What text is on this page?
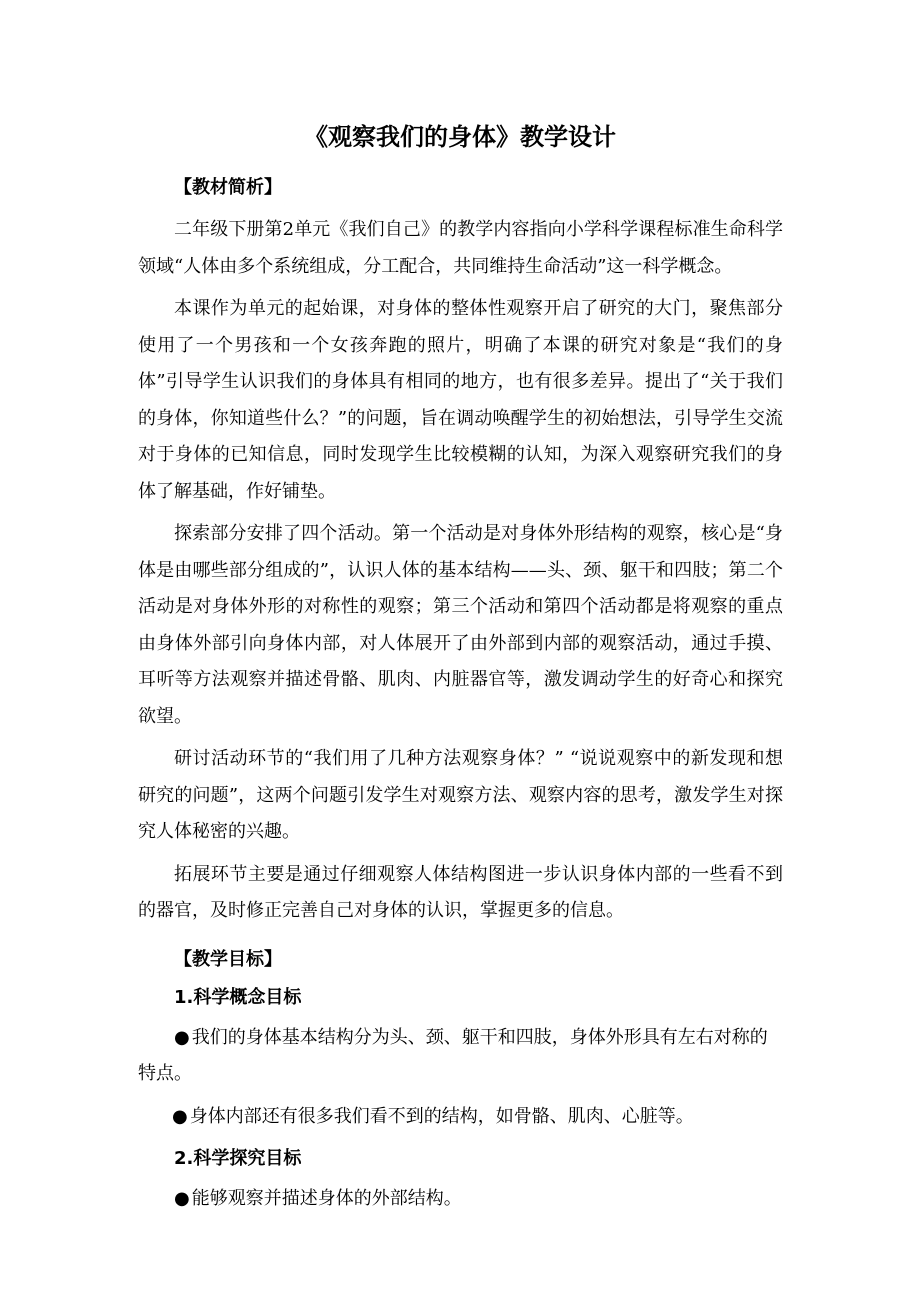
《观察我们的身体》教学设计
【教材简析】

二年级下册第2单元《我们自己》的教学内容指向小学科学课程标准生命科学领域“人体由多个系统组成，分工配合，共同维持生命活动”这一科学概念。

本课作为单元的起始课，对身体的整体性观察开启了研究的大门，聚焦部分使用了一个男孩和一个女孩奔跑的照片，明确了本课的研究对象是“我们的身体”引导学生认识我们的身体具有相同的地方，也有很多差异。提出了“关于我们的身体，你知道些什么？”的问题，旨在调动唤醒学生的初始想法，引导学生交流对于身体的已知信息，同时发现学生比较模糊的认知，为深入观察研究我们的身体了解基础，作好铺垫。

探索部分安排了四个活动。第一个活动是对身体外形结构的观察，核心是“身体是由哪些部分组成的”，认识人体的基本结构——头、颈、躯干和四肢；第二个活动是对身体外形的对称性的观察；第三个活动和第四个活动都是将观察的重点由身体外部引向身体内部，对人体展开了由外部到内部的观察活动，通过手摸、耳听等方法观察并描述骨骼、肌肉、内脏器官等，激发调动学生的好奇心和探究欲望。

研讨活动环节的“我们用了几种方法观察身体？” “说说观察中的新发现和想研究的问题”，这两个问题引发学生对观察方法、观察内容的思考，激发学生对探究人体秘密的兴趣。

拓展环节主要是通过仔细观察人体结构图进一步认识身体内部的一些看不到的器官，及时修正完善自己对身体的认识，掌握更多的信息。

【教学目标】
1.科学概念目标

● 我们的身体基本结构分为头、颈、躯干和四肢，身体外形具有左右对称的特点。

● 身体内部还有很多我们看不到的结构，如骨骼、肌肉、心脏等。

2.科学探究目标

● 能够观察并描述身体的外部结构。
